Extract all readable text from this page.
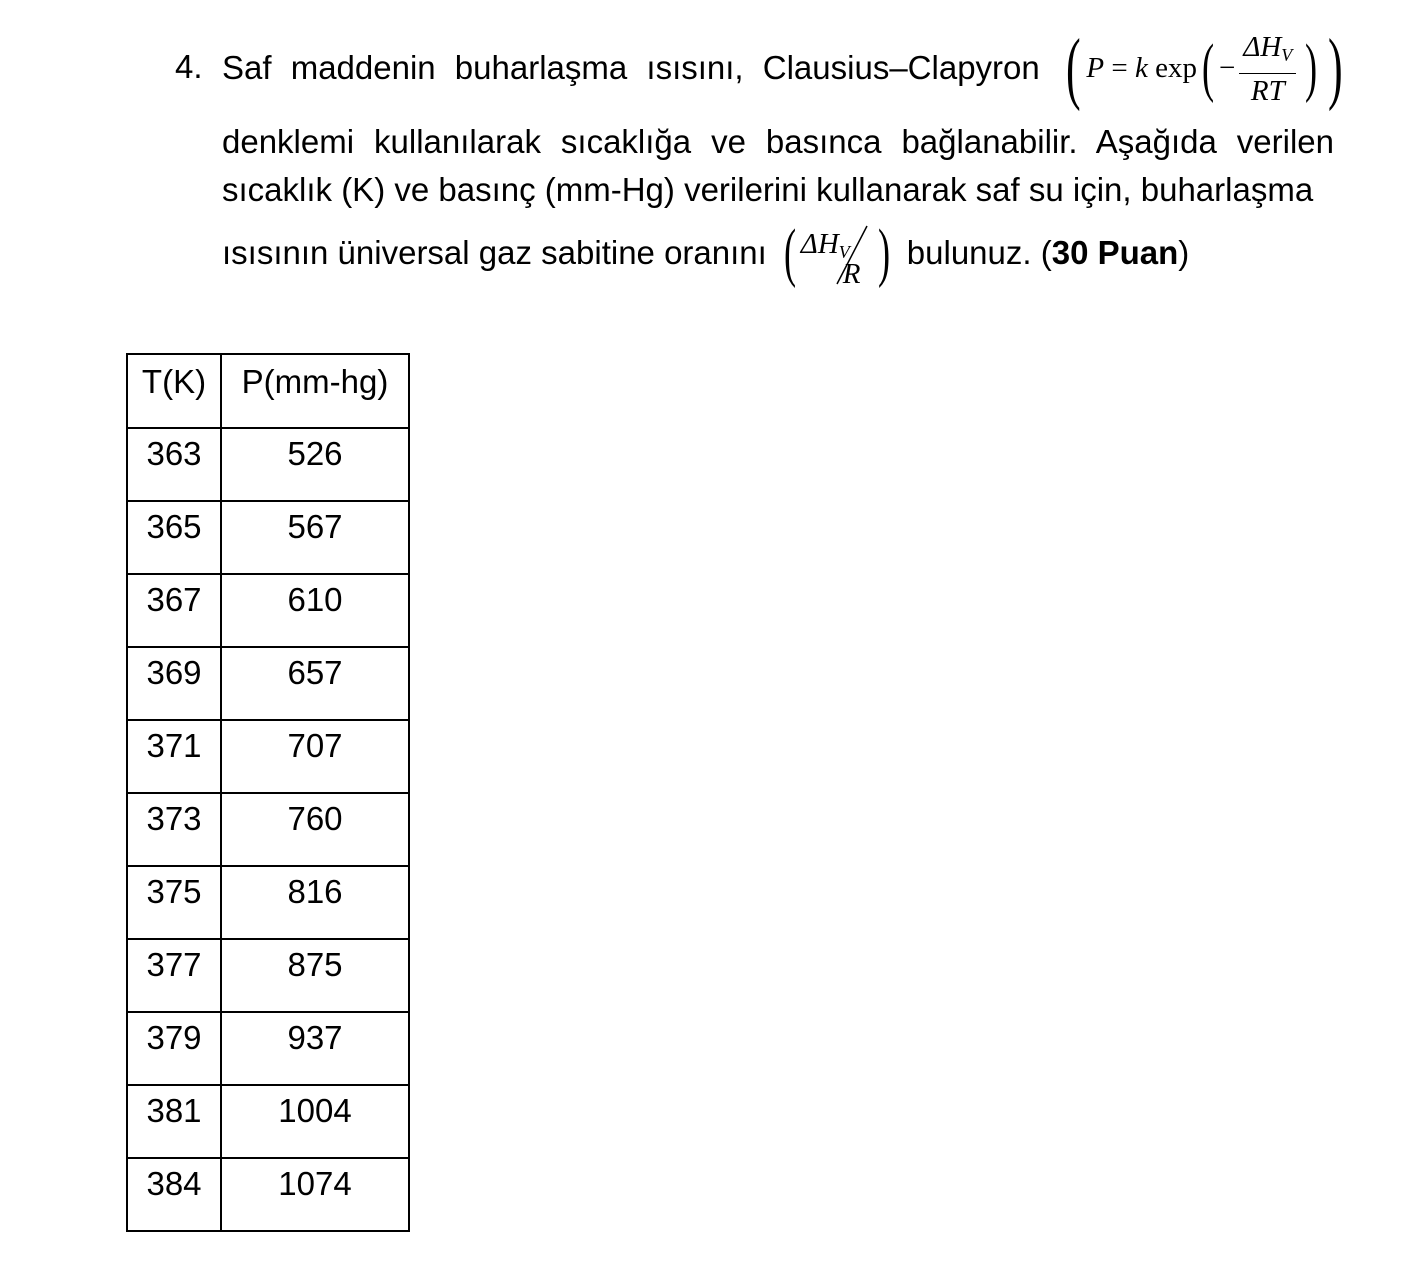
4. Saf maddenin buharlaşma ısısını, Clausius–Clapyron ( P
=
k
exp ( − $\frac{\Delta H_V}{RT}$ ) )
denklemi kullanılarak sıcaklığa ve basınca bağlanabilir. Aşağıda verilen sıcaklık (K) ve basınç (mm-Hg) verilerini kullanarak saf su için, buharlaşma
ısısının üniversal gaz sabitine oranını ( $\Delta H_V$
R ) bulunuz. ( 30 Puan )
T(K)	P(mm-hg)
363	526
365	567
367	610
369	657
371	707
373	760
375	816
377	875
379	937
381	1004
384	1074
